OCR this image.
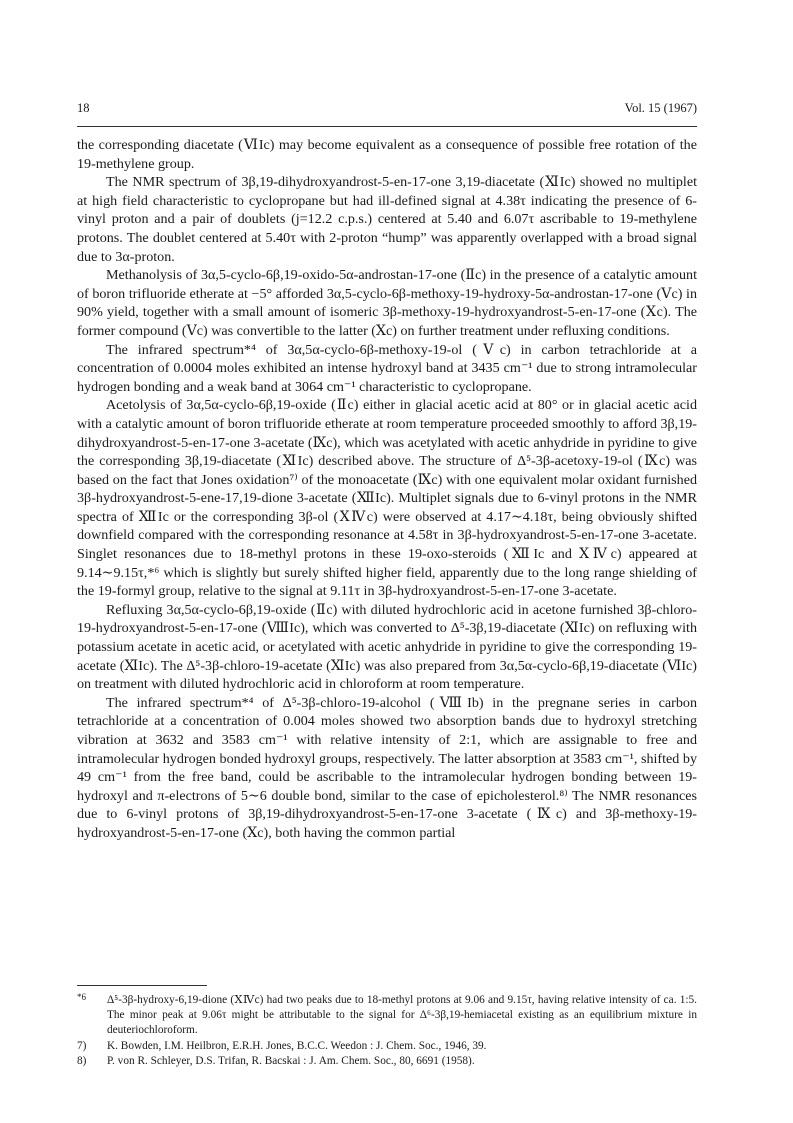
18	Vol. 15 (1967)

the corresponding diacetate (ⅥIc) may become equivalent as a consequence of possible free rotation of the 19-methylene group.

The NMR spectrum of 3β,19-dihydroxyandrost-5-en-17-one 3,19-diacetate (ⅪIc) showed no multiplet at high field characteristic to cyclopropane but had ill-defined signal at 4.38τ indicating the presence of 6-vinyl proton and a pair of doublets (j=12.2 c.p.s.) centered at 5.40 and 6.07τ ascribable to 19-methylene protons. The doublet centered at 5.40τ with 2-proton “hump” was apparently overlapped with a broad signal due to 3α-proton.

Methanolysis of 3α,5-cyclo-6β,19-oxido-5α-androstan-17-one (Ⅱc) in the presence of a catalytic amount of boron trifluoride etherate at −5° afforded 3α,5-cyclo-6β-methoxy-19-hydroxy-5α-androstan-17-one (Ⅴc) in 90% yield, together with a small amount of isomeric 3β-methoxy-19-hydroxyandrost-5-en-17-one (Ⅹc). The former compound (Ⅴc) was convertible to the latter (Ⅹc) on further treatment under refluxing conditions.

The infrared spectrum*⁴ of 3α,5α-cyclo-6β-methoxy-19-ol (Ⅴc) in carbon tetrachloride at a concentration of 0.0004 moles exhibited an intense hydroxyl band at 3435 cm⁻¹ due to strong intramolecular hydrogen bonding and a weak band at 3064 cm⁻¹ characteristic to cyclopropane.

Acetolysis of 3α,5α-cyclo-6β,19-oxide (Ⅱc) either in glacial acetic acid at 80° or in glacial acetic acid with a catalytic amount of boron trifluoride etherate at room temperature proceeded smoothly to afford 3β,19-dihydroxyandrost-5-en-17-one 3-acetate (Ⅸc), which was acetylated with acetic anhydride in pyridine to give the corresponding 3β,19-diacetate (ⅪIc) described above. The structure of Δ⁵-3β-acetoxy-19-ol (Ⅸc) was based on the fact that Jones oxidation⁷⁾ of the monoacetate (Ⅸc) with one equivalent molar oxidant furnished 3β-hydroxyandrost-5-ene-17,19-dione 3-acetate (ⅫIc). Multiplet signals due to 6-vinyl protons in the NMR spectra of ⅫIc or the corresponding 3β-ol (ⅩⅣc) were observed at 4.17∼4.18τ, being obviously shifted downfield compared with the corresponding resonance at 4.58τ in 3β-hydroxyandrost-5-en-17-one 3-acetate. Singlet resonances due to 18-methyl protons in these 19-oxo-steroids (ⅫIc and ⅩⅣc) appeared at 9.14∼9.15τ,*⁶ which is slightly but surely shifted higher field, apparently due to the long range shielding of the 19-formyl group, relative to the signal at 9.11τ in 3β-hydroxyandrost-5-en-17-one 3-acetate.

Refluxing 3α,5α-cyclo-6β,19-oxide (Ⅱc) with diluted hydrochloric acid in acetone furnished 3β-chloro-19-hydroxyandrost-5-en-17-one (ⅧIc), which was converted to Δ⁵-3β,19-diacetate (ⅪIc) on refluxing with potassium acetate in acetic acid, or acetylated with acetic anhydride in pyridine to give the corresponding 19-acetate (ⅪIc). The Δ⁵-3β-chloro-19-acetate (ⅪIc) was also prepared from 3α,5α-cyclo-6β,19-diacetate (ⅥIc) on treatment with diluted hydrochloric acid in chloroform at room temperature.

The infrared spectrum*⁴ of Δ⁵-3β-chloro-19-alcohol (ⅧIb) in the pregnane series in carbon tetrachloride at a concentration of 0.004 moles showed two absorption bands due to hydroxyl stretching vibration at 3632 and 3583 cm⁻¹ with relative intensity of 2:1, which are assignable to free and intramolecular hydrogen bonded hydroxyl groups, respectively. The latter absorption at 3583 cm⁻¹, shifted by 49 cm⁻¹ from the free band, could be ascribable to the intramolecular hydrogen bonding between 19-hydroxyl and π-electrons of 5∼6 double bond, similar to the case of epicholesterol.⁸⁾ The NMR resonances due to 6-vinyl protons of 3β,19-dihydroxyandrost-5-en-17-one 3-acetate (Ⅸc) and 3β-methoxy-19-hydroxyandrost-5-en-17-one (Ⅹc), both having the common partial

*6 Δ⁵-3β-hydroxy-6,19-dione (ⅩⅣc) had two peaks due to 18-methyl protons at 9.06 and 9.15τ, having relative intensity of ca. 1:5. The minor peak at 9.06τ might be attributable to the signal for Δ⁶-3β,19-hemiacetal existing as an equilibrium mixture in deuteriochloroform.

7) K. Bowden, I.M. Heilbron, E.R.H. Jones, B.C.C. Weedon : J. Chem. Soc., 1946, 39.

8) P. von R. Schleyer, D.S. Trifan, R. Bacskai : J. Am. Chem. Soc., 80, 6691 (1958).
